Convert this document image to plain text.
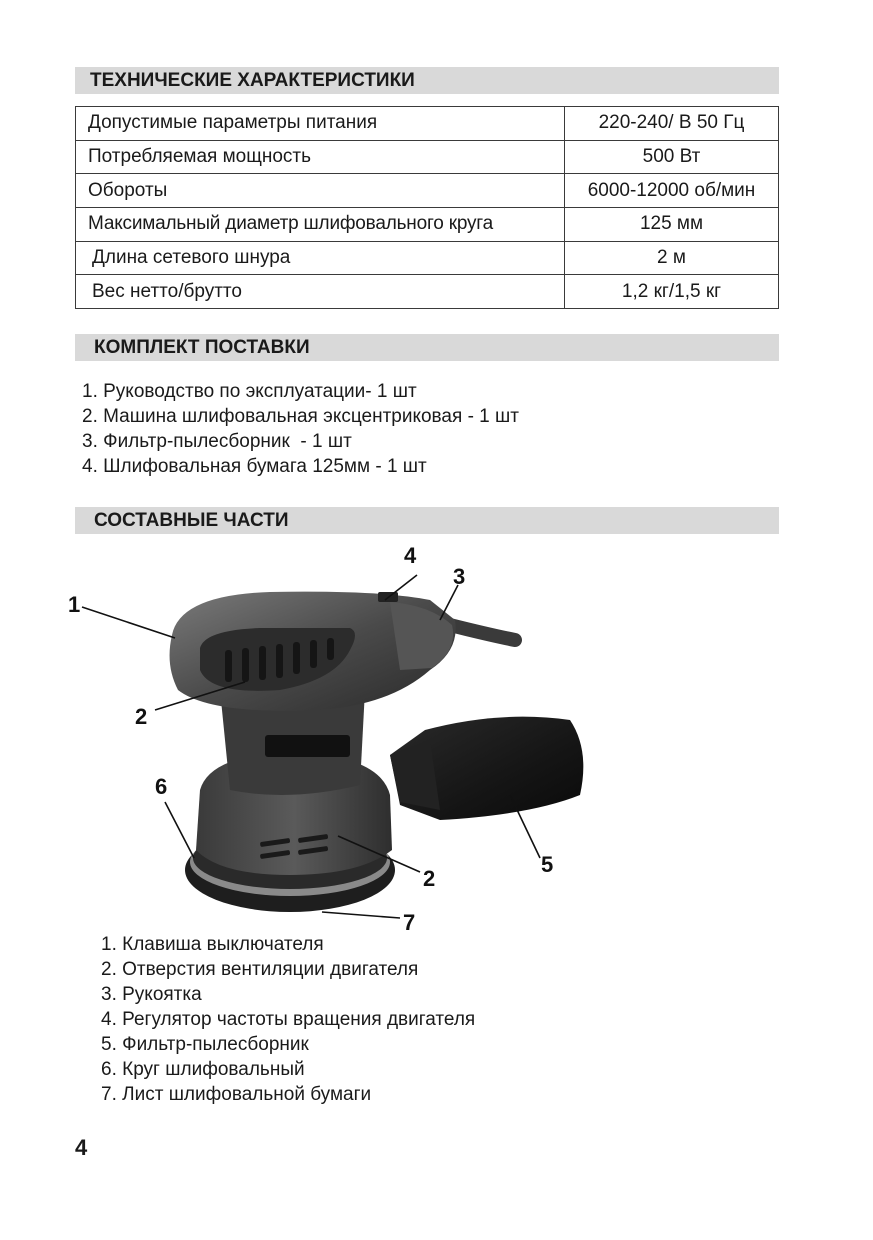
ТЕХНИЧЕСКИЕ ХАРАКТЕРИСТИКИ
Допустимые параметры питания	220-240/ В 50 Гц
Потребляемая мощность	500 Вт
Обороты	6000-12000 об/мин
Максимальный диаметр шлифовального круга	125 мм
Длина сетевого шнура	2 м
Вес нетто/брутто	1,2 кг/1,5 кг
КОМПЛЕКТ ПОСТАВКИ
1. Руководство по эксплуатации- 1 шт
2. Машина шлифовальная эксцентриковая - 1 шт
3. Фильтр-пылесборник  - 1 шт
4. Шлифовальная бумага 125мм - 1 шт
СОСТАВНЫЕ ЧАСТИ
1
2
3
4
5
6
2
7
1. Клавиша выключателя
2. Отверстия вентиляции двигателя
3. Рукоятка
4. Регулятор частоты вращения двигателя
5. Фильтр-пылесборник
6. Круг шлифовальный
7. Лист шлифовальной бумаги
4
